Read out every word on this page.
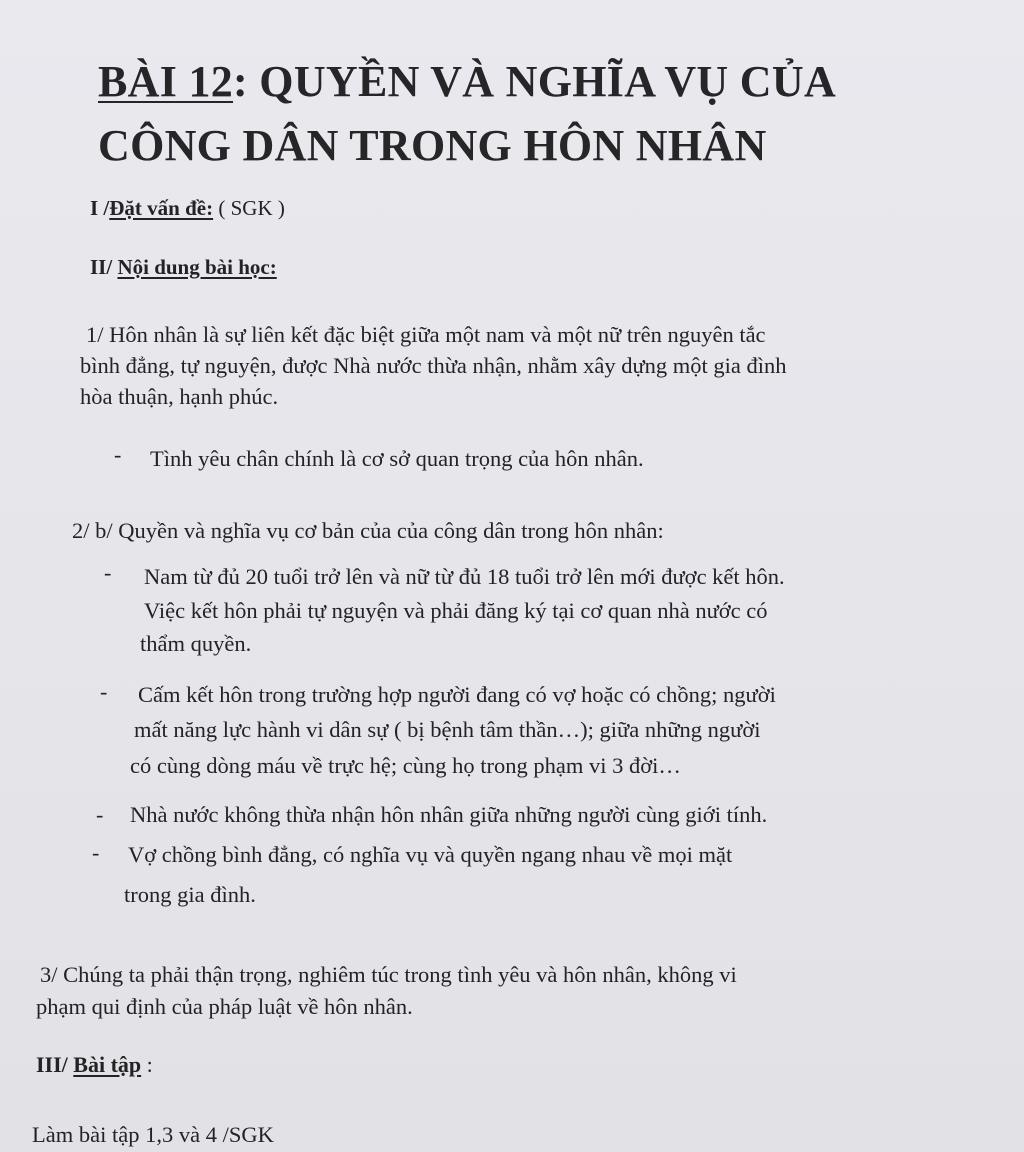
BÀI 12: QUYỀN VÀ NGHĨA VỤ CỦA
CÔNG DÂN TRONG HÔN NHÂN

I /Đặt vấn đề: ( SGK )

II/ Nội dung bài học:

1/ Hôn nhân là sự liên kết đặc biệt giữa một nam và một nữ trên nguyên tắc

bình đẳng, tự nguyện, được Nhà nước thừa nhận, nhằm xây dựng một gia đình

hòa thuận, hạnh phúc.

- Tình yêu chân chính là cơ sở quan trọng của hôn nhân.

2/ b/ Quyền và nghĩa vụ cơ bản của của công dân trong hôn nhân:

- Nam từ đủ 20 tuổi trở lên và nữ từ đủ 18 tuổi trở lên mới được kết hôn.

Việc kết hôn phải tự nguyện và phải đăng ký tại cơ quan nhà nước có

thẩm quyền.

- Cấm kết hôn trong trường hợp người đang có vợ hoặc có chồng; người

mất năng lực hành vi dân sự ( bị bệnh tâm thần…); giữa những người

có cùng dòng máu về trực hệ; cùng họ trong phạm vi 3 đời…

- Nhà nước không thừa nhận hôn nhân giữa những người cùng giới tính.

- Vợ chồng bình đẳng, có nghĩa vụ và quyền ngang nhau về mọi mặt

trong gia đình.

3/ Chúng ta phải thận trọng, nghiêm túc trong tình yêu và hôn nhân, không vi

phạm qui định của pháp luật về hôn nhân.

III/ Bài tập :

Làm bài tập 1,3 và 4 /SGK
